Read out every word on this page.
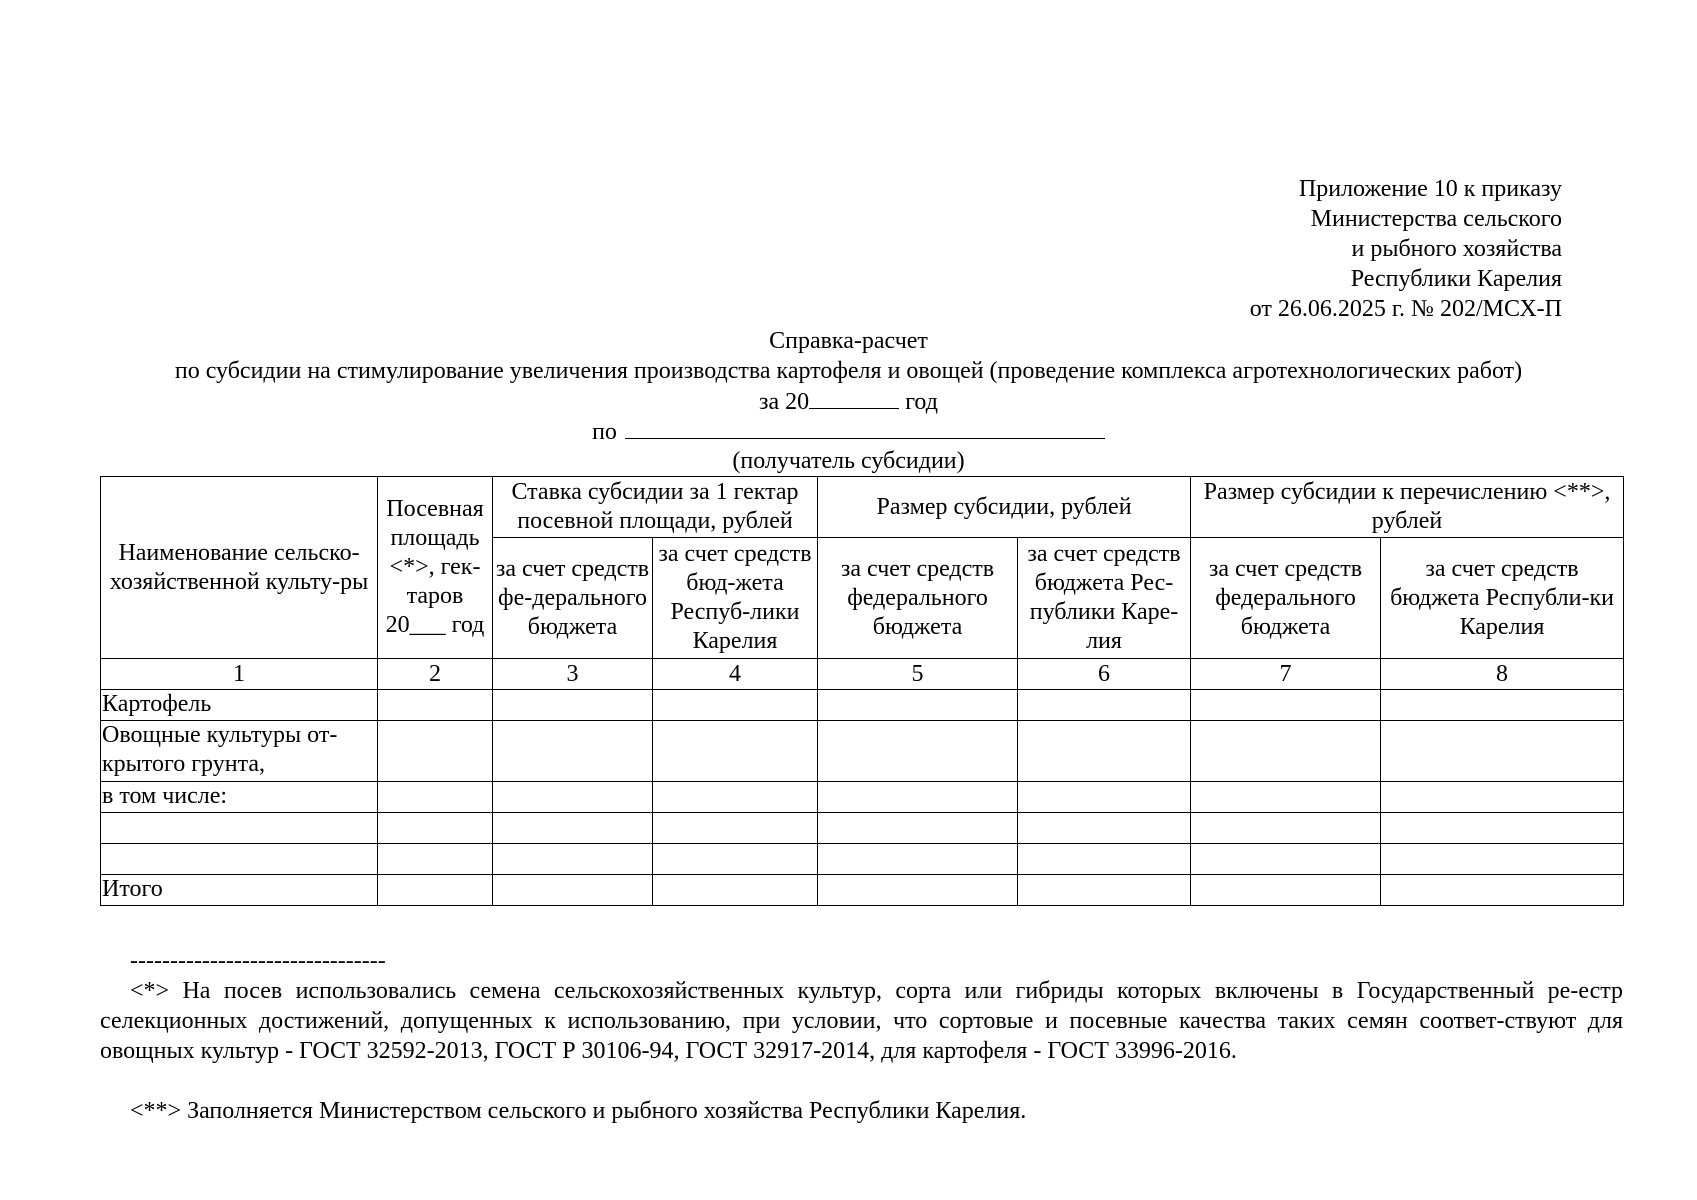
Приложение 10 к приказу
Министерства сельского
и рыбного хозяйства
Республики Карелия
от 26.06.2025 г. № 202/МСХ-П
Справка-расчет
по субсидии на стимулирование увеличения производства картофеля и овощей (проведение комплекса агротехнологических работ)
за 20	год
по
(получатель субсидии)
Наименование сельско-хозяйственной культу-ры	Посевная площадь <*>, гек-таров 20___ год	Ставка субсидии за 1 гектар посевной площади, рублей		Размер субсидии, рублей		Размер субсидии к перечислению <**>, рублей	
		за счет средств фе-дерального бюджета	за счет средств бюд-жета Респуб-лики Карелия	за счет средств федерального бюджета	за счет средств бюджета Рес-публики Каре-лия	за счет средств федерального бюджета	за счет средств бюджета Республи-ки Карелия
1	2	3	4	5	6	7	8
Картофель							
Овощные культуры от-крытого грунта,							
в том числе:							

Итого							
--------------------------------
<*> На посев использовались семена сельскохозяйственных культур, сорта или гибриды которых включены в Государственный ре-естр селекционных достижений, допущенных к использованию, при условии, что сортовые и посевные качества таких семян соответ-ствуют для овощных культур - ГОСТ 32592-2013, ГОСТ Р 30106-94, ГОСТ 32917-2014, для картофеля - ГОСТ 33996-2016.
<**> Заполняется Министерством сельского и рыбного хозяйства Республики Карелия.
